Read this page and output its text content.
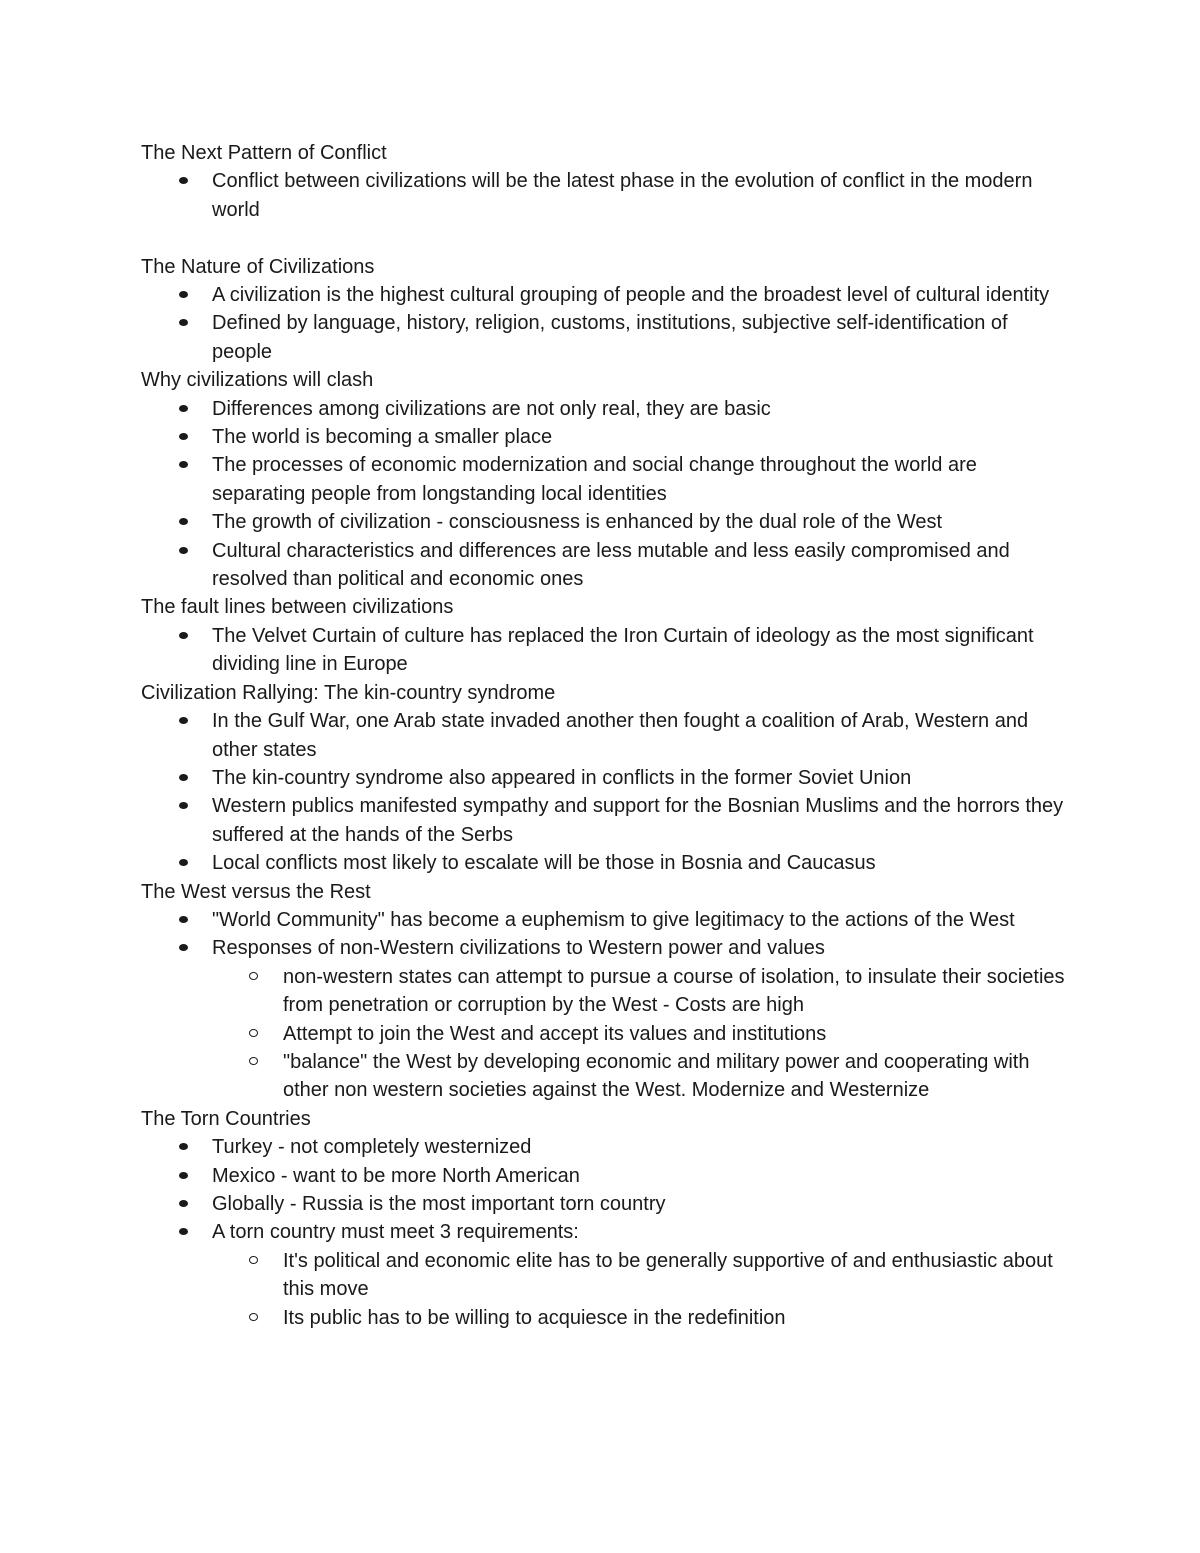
The Next Pattern of Conflict

Conflict between civilizations will be the latest phase in the evolution of conflict in the modern world

The Nature of Civilizations

A civilization is the highest cultural grouping of people and the broadest level of cultural identity
Defined by language, history, religion, customs, institutions, subjective self-identification of people

Why civilizations will clash

Differences among civilizations are not only real, they are basic
The world is becoming a smaller place
The processes of economic modernization and social change throughout the world are separating people from longstanding local identities
The growth of civilization - consciousness is enhanced by the dual role of the West
Cultural characteristics and differences are less mutable and less easily compromised and resolved than political and economic ones

The fault lines between civilizations

The Velvet Curtain of culture has replaced the Iron Curtain of ideology as the most significant dividing line in Europe

Civilization Rallying: The kin-country syndrome

In the Gulf War, one Arab state invaded another then fought a coalition of Arab, Western and other states
The kin-country syndrome also appeared in conflicts in the former Soviet Union
Western publics manifested sympathy and support for the Bosnian Muslims and the horrors they suffered at the hands of the Serbs
Local conflicts most likely to escalate will be those in Bosnia and Caucasus

The West versus the Rest

"World Community" has become a euphemism to give legitimacy to the actions of the West
Responses of non-Western civilizations to Western power and values
non-western states can attempt to pursue a course of isolation, to insulate their societies from penetration or corruption by the West - Costs are high
Attempt to join the West and accept its values and institutions
"balance" the West by developing economic and military power and cooperating with other non western societies against the West. Modernize and Westernize

The Torn Countries

Turkey - not completely westernized
Mexico - want to be more North American
Globally - Russia is the most important torn country
A torn country must meet 3 requirements:
It's political and economic elite has to be generally supportive of and enthusiastic about this move
Its public has to be willing to acquiesce in the redefinition
